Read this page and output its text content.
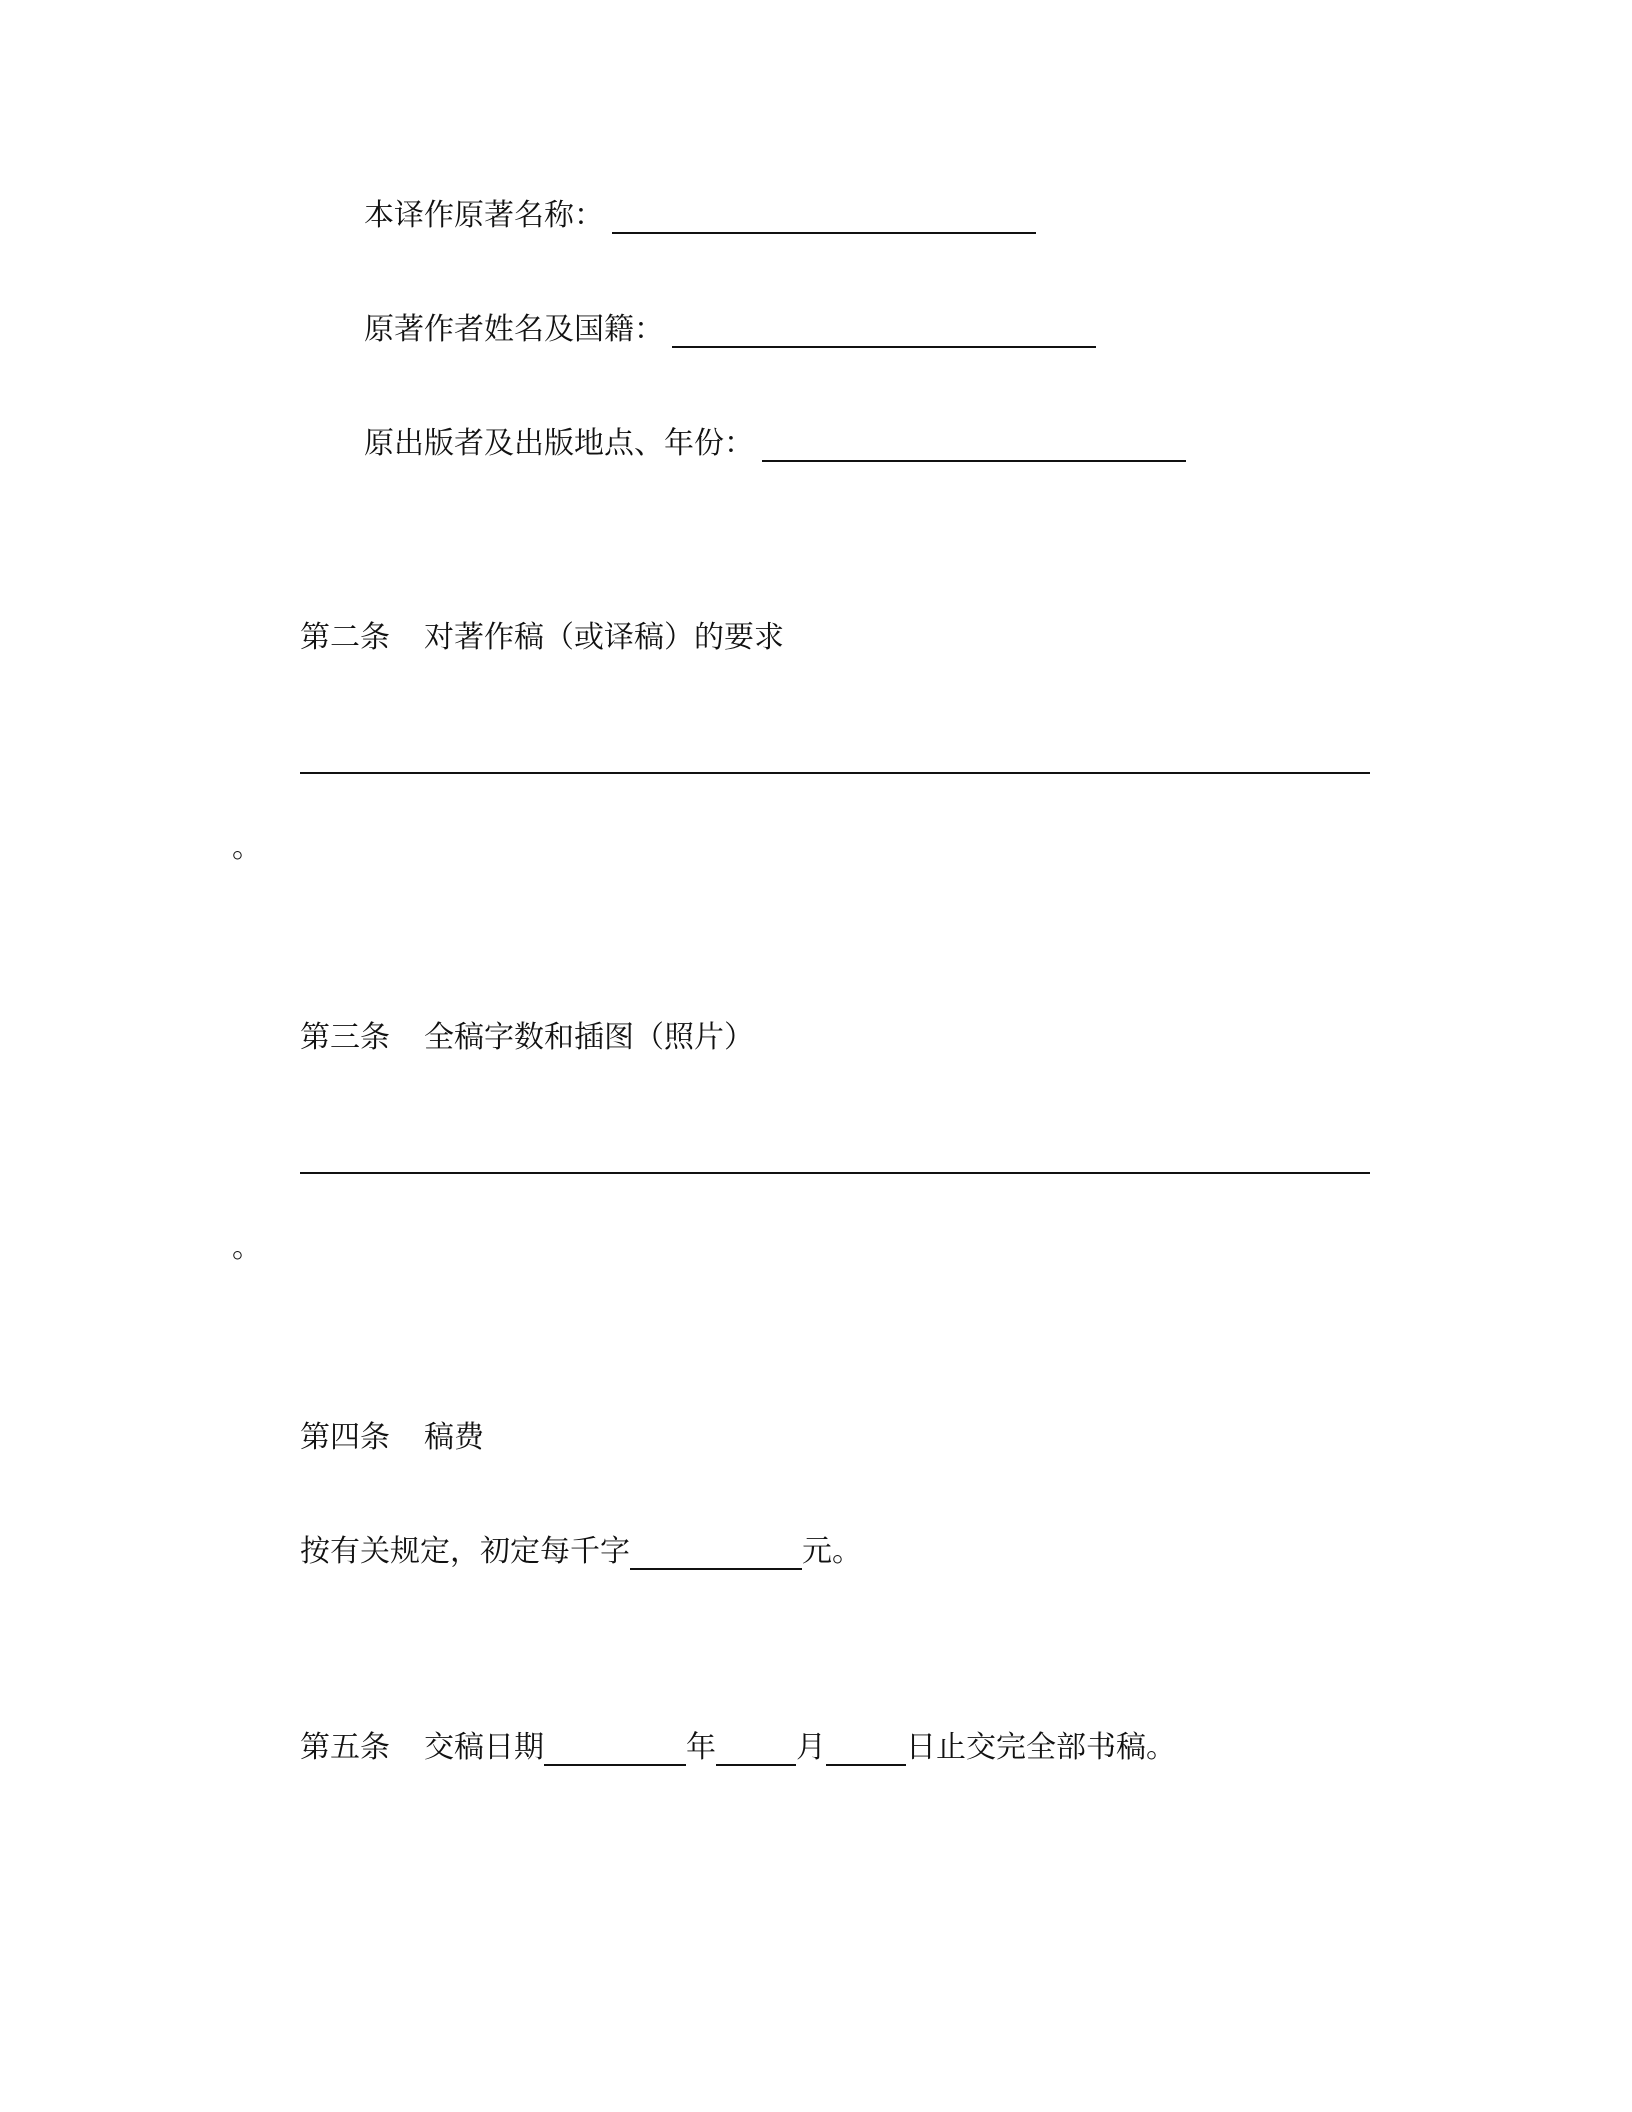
本译作原著名称：
原著作者姓名及国籍：
原出版者及出版地点、年份：
第二条 对著作稿（或译稿）的要求
。
第三条 全稿字数和插图（照片）
。
第四条 稿费
按有关规定，初定每千字	元。
第五条 交稿日期	年	月	日止交完全部书稿。
